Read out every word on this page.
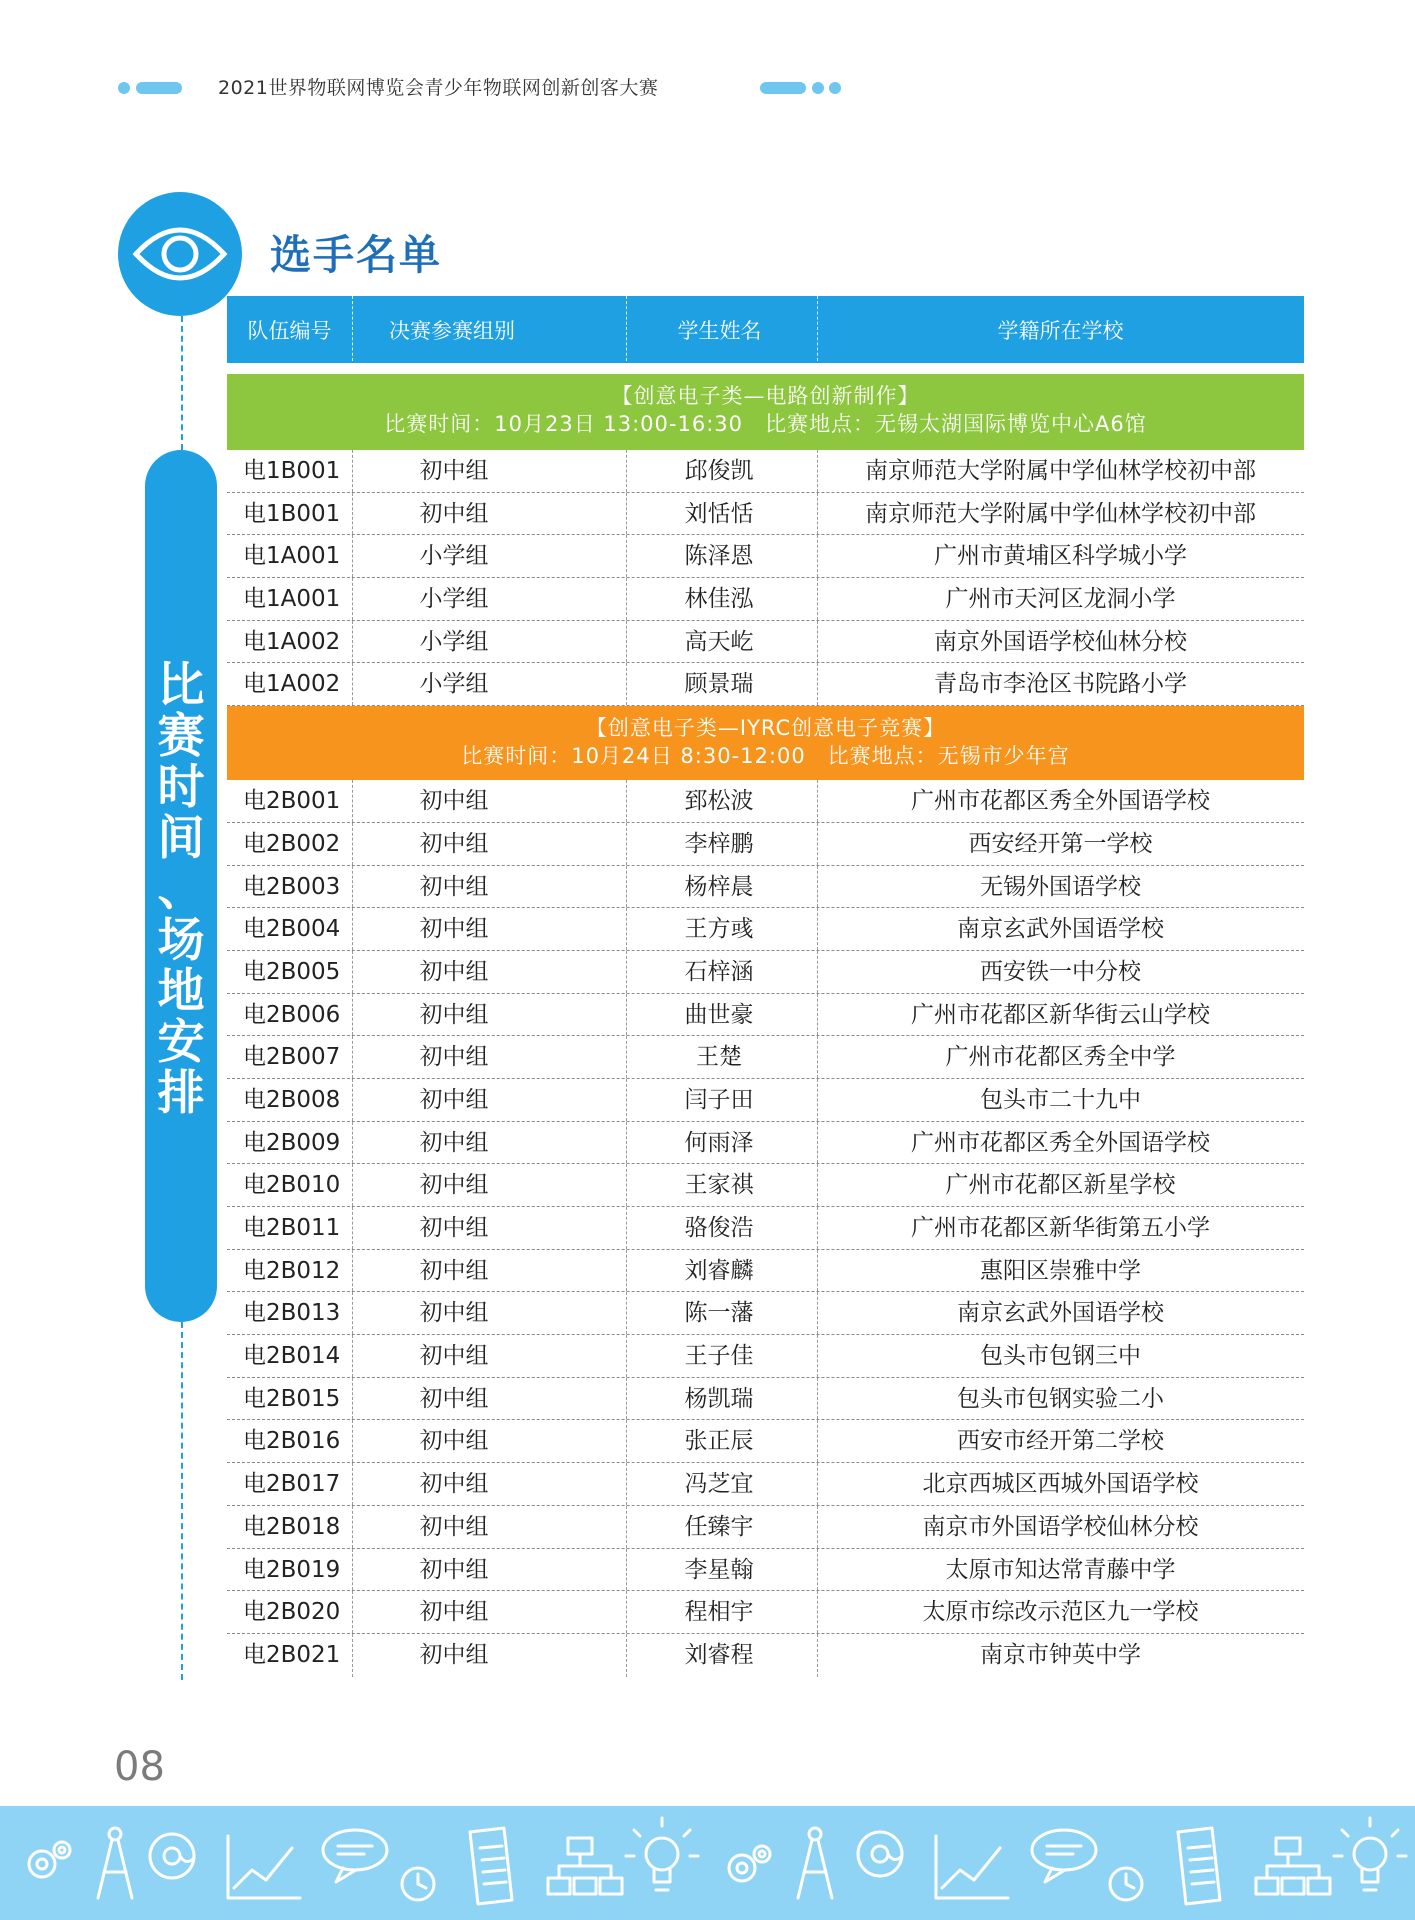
2021世界物联网博览会青少年物联网创新创客大赛
比
赛
时
间
、
场
地
安
排
选手名单
队伍编号	决赛参赛组别	学生姓名	学籍所在学校
【创意电子类—电路创新制作】
比赛时间：10月23日 13:00-16:30　比赛地点：无锡太湖国际博览中心A6馆
电1B001	初中组	邱俊凯	南京师范大学附属中学仙林学校初中部
电1B001	初中组	刘恬恬	南京师范大学附属中学仙林学校初中部
电1A001	小学组	陈泽恩	广州市黄埔区科学城小学
电1A001	小学组	林佳泓	广州市天河区龙洞小学
电1A002	小学组	高天屹	南京外国语学校仙林分校
电1A002	小学组	顾景瑞	青岛市李沧区书院路小学
【创意电子类—IYRC创意电子竞赛】
比赛时间：10月24日 8:30-12:00　比赛地点：无锡市少年宫
电2B001	初中组	郅松波	广州市花都区秀全外国语学校
电2B002	初中组	李梓鹏	西安经开第一学校
电2B003	初中组	杨梓晨	无锡外国语学校
电2B004	初中组	王方彧	南京玄武外国语学校
电2B005	初中组	石梓涵	西安铁一中分校
电2B006	初中组	曲世豪	广州市花都区新华街云山学校
电2B007	初中组	王楚	广州市花都区秀全中学
电2B008	初中组	闫子田	包头市二十九中
电2B009	初中组	何雨泽	广州市花都区秀全外国语学校
电2B010	初中组	王家祺	广州市花都区新星学校
电2B011	初中组	骆俊浩	广州市花都区新华街第五小学
电2B012	初中组	刘睿麟	惠阳区崇雅中学
电2B013	初中组	陈一藩	南京玄武外国语学校
电2B014	初中组	王子佳	包头市包钢三中
电2B015	初中组	杨凯瑞	包头市包钢实验二小
电2B016	初中组	张正辰	西安市经开第二学校
电2B017	初中组	冯芝宜	北京西城区西城外国语学校
电2B018	初中组	任臻宇	南京市外国语学校仙林分校
电2B019	初中组	李星翰	太原市知达常青藤中学
电2B020	初中组	程相宇	太原市综改示范区九一学校
电2B021	初中组	刘睿程	南京市钟英中学
08
